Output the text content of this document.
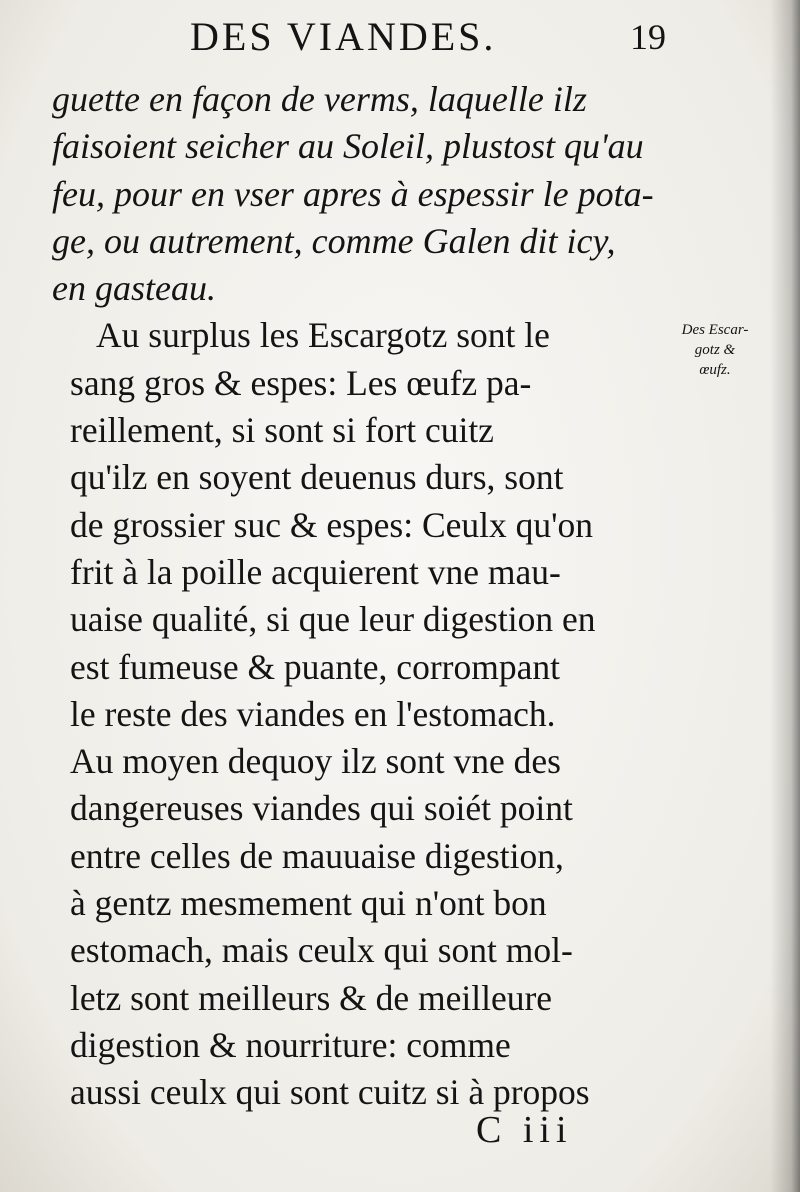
DES VIANDES.	19
guette en façon de verms, laquelle ilz
faisoient seicher au Soleil, plustost qu'au
feu, pour en vser apres à espessir le pota-
ge, ou autrement, comme Galen dit icy,
en gasteau.
Au surplus les Escargotz sont le
sang gros & espes: Les œufz pa-
reillement, si sont si fort cuitz
qu'ilz en soyent deuenus durs, sont
de grossier suc & espes: Ceulx qu'on
frit à la poille acquierent vne mau-
uaise qualité, si que leur digestion en
est fumeuse & puante, corrompant
le reste des viandes en l'estomach.
Au moyen dequoy ilz sont vne des
dangereuses viandes qui soiét point
entre celles de mauuaise digestion,
à gentz mesmement qui n'ont bon
estomach, mais ceulx qui sont mol-
letz sont meilleurs & de meilleure
digestion & nourriture: comme
aussi ceulx qui sont cuitz si à propos
Des Escar-
gotz &
œufz.
C iii
